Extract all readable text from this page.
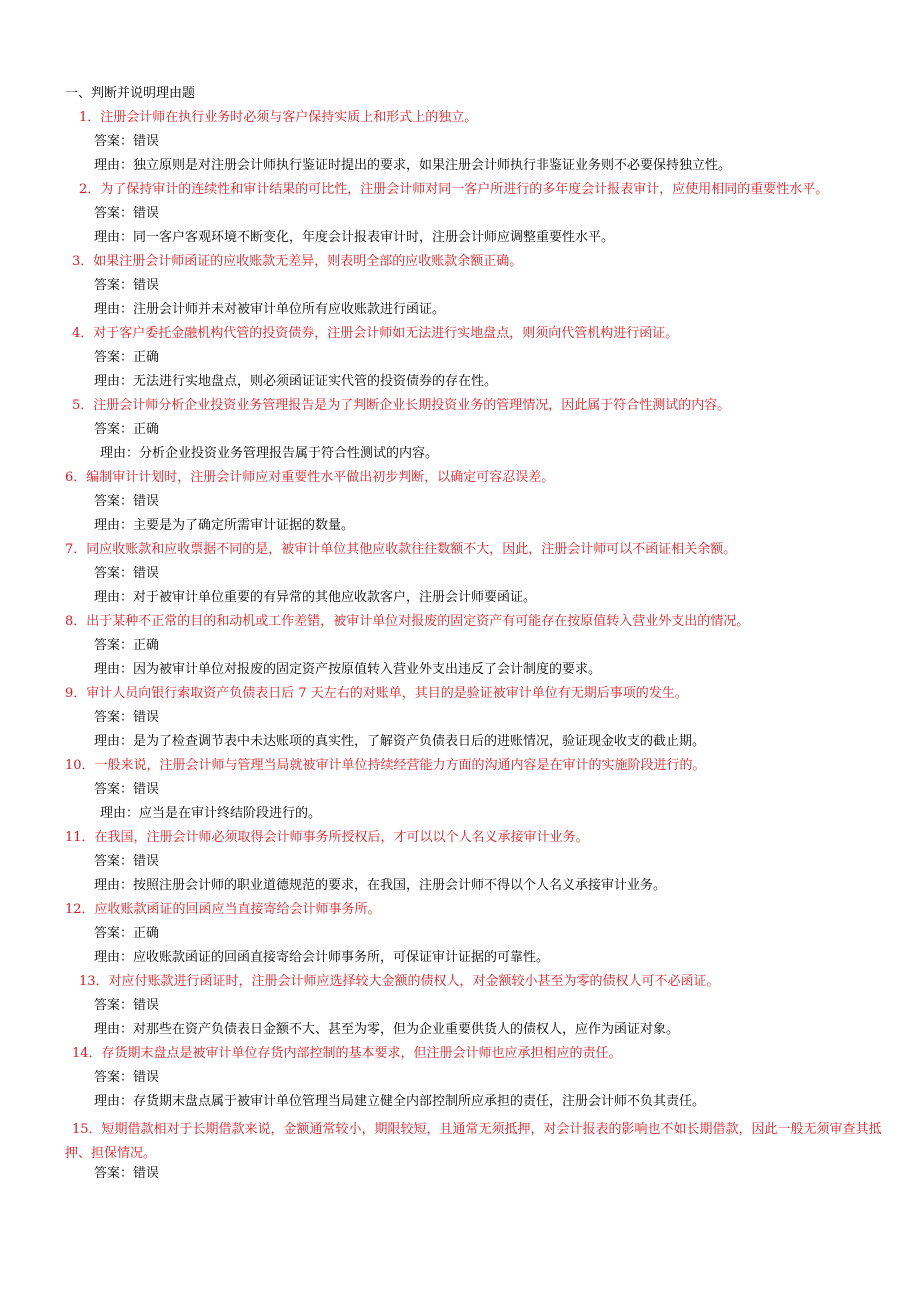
一、判断并说明理由题
1．注册会计师在执行业务时必须与客户保持实质上和形式上的独立。
答案：错误
理由：独立原则是对注册会计师执行鉴证时提出的要求，如果注册会计师执行非鉴证业务则不必要保持独立性。
2．为了保持审计的连续性和审计结果的可比性，注册会计师对同一客户所进行的多年度会计报表审计，应使用相同的重要性水平。
答案：错误
理由：同一客户客观环境不断变化，年度会计报表审计时，注册会计师应调整重要性水平。
3．如果注册会计师函证的应收账款无差异，则表明全部的应收账款余额正确。
答案：错误
理由：注册会计师并未对被审计单位所有应收账款进行函证。
4．对于客户委托金融机构代管的投资债券，注册会计师如无法进行实地盘点，则须向代管机构进行函证。
答案：正确
理由：无法进行实地盘点，则必须函证证实代管的投资债券的存在性。
5．注册会计师分析企业投资业务管理报告是为了判断企业长期投资业务的管理情况，因此属于符合性测试的内容。
答案：正确
理由：分析企业投资业务管理报告属于符合性测试的内容。
6．编制审计计划时，注册会计师应对重要性水平做出初步判断，以确定可容忍误差。
答案：错误
理由：主要是为了确定所需审计证据的数量。
7．同应收账款和应收票据不同的是，被审计单位其他应收款往往数额不大，因此，注册会计师可以不函证相关余额。
答案：错误
理由：对于被审计单位重要的有异常的其他应收款客户，注册会计师要函证。
8．出于某种不正常的目的和动机或工作差错，被审计单位对报废的固定资产有可能存在按原值转入营业外支出的情况。
答案：正确
理由：因为被审计单位对报废的固定资产按原值转入营业外支出违反了会计制度的要求。
9．审计人员向银行索取资产负债表日后 7 天左右的对账单，其目的是验证被审计单位有无期后事项的发生。
答案：错误
理由：是为了检查调节表中未达账项的真实性，了解资产负债表日后的进账情况，验证现金收支的截止期。
10．一般来说，注册会计师与管理当局就被审计单位持续经营能力方面的沟通内容是在审计的实施阶段进行的。
答案：错误
理由：应当是在审计终结阶段进行的。
11．在我国，注册会计师必须取得会计师事务所授权后，才可以以个人名义承接审计业务。
答案：错误
理由：按照注册会计师的职业道德规范的要求，在我国，注册会计师不得以个人名义承接审计业务。
12．应收账款函证的回函应当直接寄给会计师事务所。
答案：正确
理由：应收账款函证的回函直接寄给会计师事务所，可保证审计证据的可靠性。
13．对应付账款进行函证时，注册会计师应选择较大金额的债权人，对金额较小甚至为零的债权人可不必函证。
答案：错误
理由：对那些在资产负债表日金额不大、甚至为零，但为企业重要供货人的债权人，应作为函证对象。
14．存货期末盘点是被审计单位存货内部控制的基本要求，但注册会计师也应承担相应的责任。
答案：错误
理由：存货期末盘点属于被审计单位管理当局建立健全内部控制所应承担的责任，注册会计师不负其责任。
15．短期借款相对于长期借款来说，金额通常较小，期限较短，且通常无须抵押，对会计报表的影响也不如长期借款，因此一般无须审查其抵押、担保情况。
答案：错误
